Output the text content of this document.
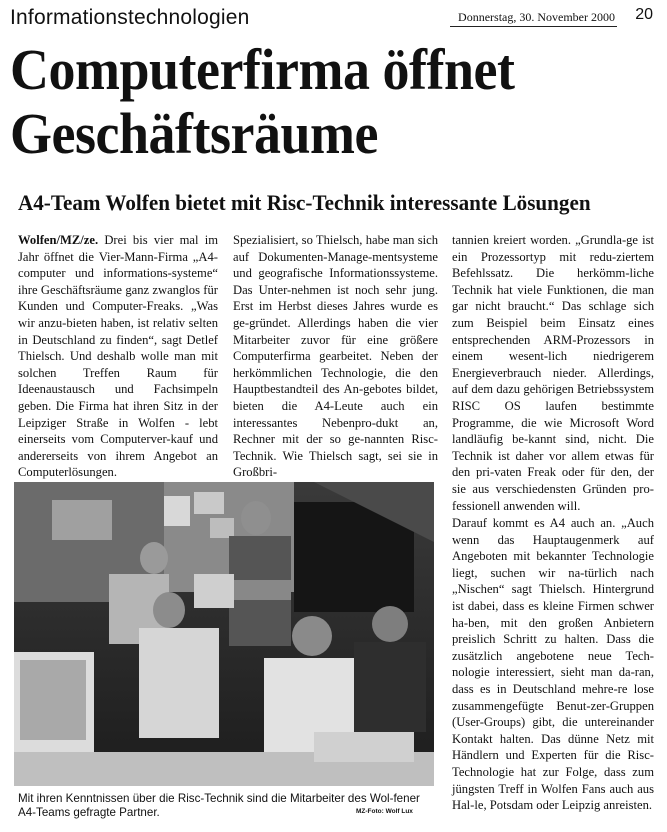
Informationstechnologien	Donnerstag, 30. November 2000 20
Computerfirma öffnet
Geschäftsräume
A4-Team Wolfen bietet mit Risc-Technik interessante Lösungen
Wolfen/MZ/ze. Drei bis vier mal im Jahr öffnet die Vier-Mann-Firma „A4-computer und informations-systeme“ ihre Geschäftsräume ganz zwanglos für Kunden und Computer-Freaks. „Was wir anzu-bieten haben, ist relativ selten in Deutschland zu finden“, sagt Detlef Thielsch. Und deshalb wolle man mit solchen Treffen Raum für Ideenaustausch und Fachsimpeln geben. Die Firma hat ihren Sitz in der Leipziger Straße in Wolfen - lebt einerseits vom Computerver-kauf und andererseits von ihrem Angebot an Computerlösungen.
Spezialisiert, so Thielsch, habe man sich auf Dokumenten-Manage-mentsysteme und geografische Informationssysteme. Das Unter-nehmen ist noch sehr jung. Erst im Herbst dieses Jahres wurde es ge-gründet. Allerdings haben die vier Mitarbeiter zuvor für eine größere Computerfirma gearbeitet. Neben der herkömmlichen Technologie, die den Hauptbestandteil des An-gebotes bildet, bieten die A4-Leute auch ein interessantes Nebenpro-dukt an, Rechner mit der so ge-nannten Risc-Technik. Wie Thielsch sagt, sei sie in Großbri-
tannien kreiert worden. „Grundla-ge ist ein Prozessortyp mit redu-ziertem Befehlssatz. Die herkömm-liche Technik hat viele Funktionen, die man gar nicht braucht.“ Das schlage sich zum Beispiel beim Einsatz eines entsprechenden ARM-Prozessors in einem wesent-lich niedrigerem Energieverbrauch nieder. Allerdings, auf dem dazu gehörigen Betriebssystem RISC OS laufen bestimmte Programme, die wie Microsoft Word landläufig be-kannt sind, nicht. Die Technik ist daher vor allem etwas für den pri-vaten Freak oder für den, der sie aus verschiedensten Gründen pro-fessionell anwenden will.
Darauf kommt es A4 auch an. „Auch wenn das Hauptaugenmerk auf Angeboten mit bekannter Technologie liegt, suchen wir na-türlich nach „Nischen“ sagt Thielsch. Hintergrund ist dabei, dass es kleine Firmen schwer ha-ben, mit den großen Anbietern preislich Schritt zu halten. Dass die zusätzlich angebotene neue Tech-nologie interessiert, sieht man da-ran, dass es in Deutschland mehre-re lose zusammengefügte Benut-zer-Gruppen (User-Groups) gibt, die untereinander Kontakt halten. Das dünne Netz mit Händlern und Experten für die Risc-Technologie hat zur Folge, dass zum jüngsten Treff in Wolfen Fans auch aus Hal-le, Potsdam oder Leipzig anreisten.
Mit ihren Kenntnissen über die Risc-Technik sind die Mitarbeiter des Wol-fener A4-Teams gefragte Partner.	MZ-Foto: Wolf Lux
